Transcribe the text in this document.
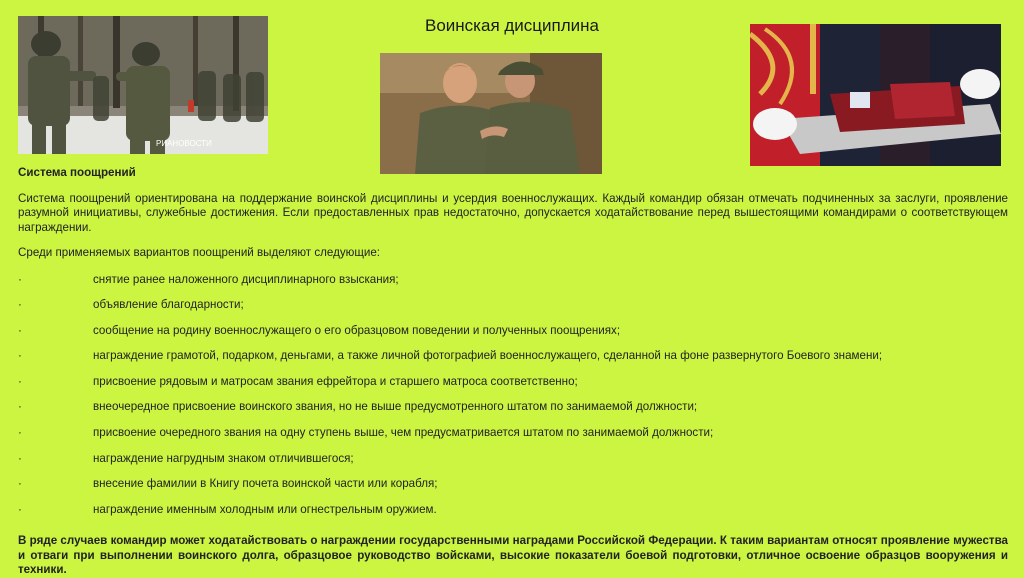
Воинская дисциплина
РИАНОВОСТИ
Система поощрений
Система поощрений ориентирована на поддержание воинской дисциплины и усердия военнослужащих. Каждый командир обязан отмечать подчиненных за заслуги, проявление разумной инициативы, служебные достижения. Если предоставленных прав недостаточно, допускается ходатайствование перед вышестоящими командирами о соответствующем награждении.
Среди применяемых вариантов поощрений выделяют следующие:
·	снятие ранее наложенного дисциплинарного взыскания;
·	объявление благодарности;
·	сообщение на родину военнослужащего о его образцовом поведении и полученных поощрениях;
·	награждение грамотой, подарком, деньгами, а также личной фотографией военнослужащего, сделанной на фоне развернутого Боевого знамени;
·	присвоение рядовым и матросам звания ефрейтора и старшего матроса соответственно;
·	внеочередное присвоение воинского звания, но не выше предусмотренного штатом по занимаемой должности;
·	присвоение очередного звания на одну ступень выше, чем предусматривается штатом по занимаемой должности;
·	награждение нагрудным знаком отличившегося;
·	внесение фамилии в Книгу почета воинской части или корабля;
·	награждение именным холодным или огнестрельным оружием.
В ряде случаев командир может ходатайствовать о награждении государственными наградами Российской Федерации. К таким вариантам относят проявление мужества и отваги при выполнении воинского долга, образцовое руководство войсками, высокие показатели боевой подготовки, отличное освоение образцов вооружения и техники.
